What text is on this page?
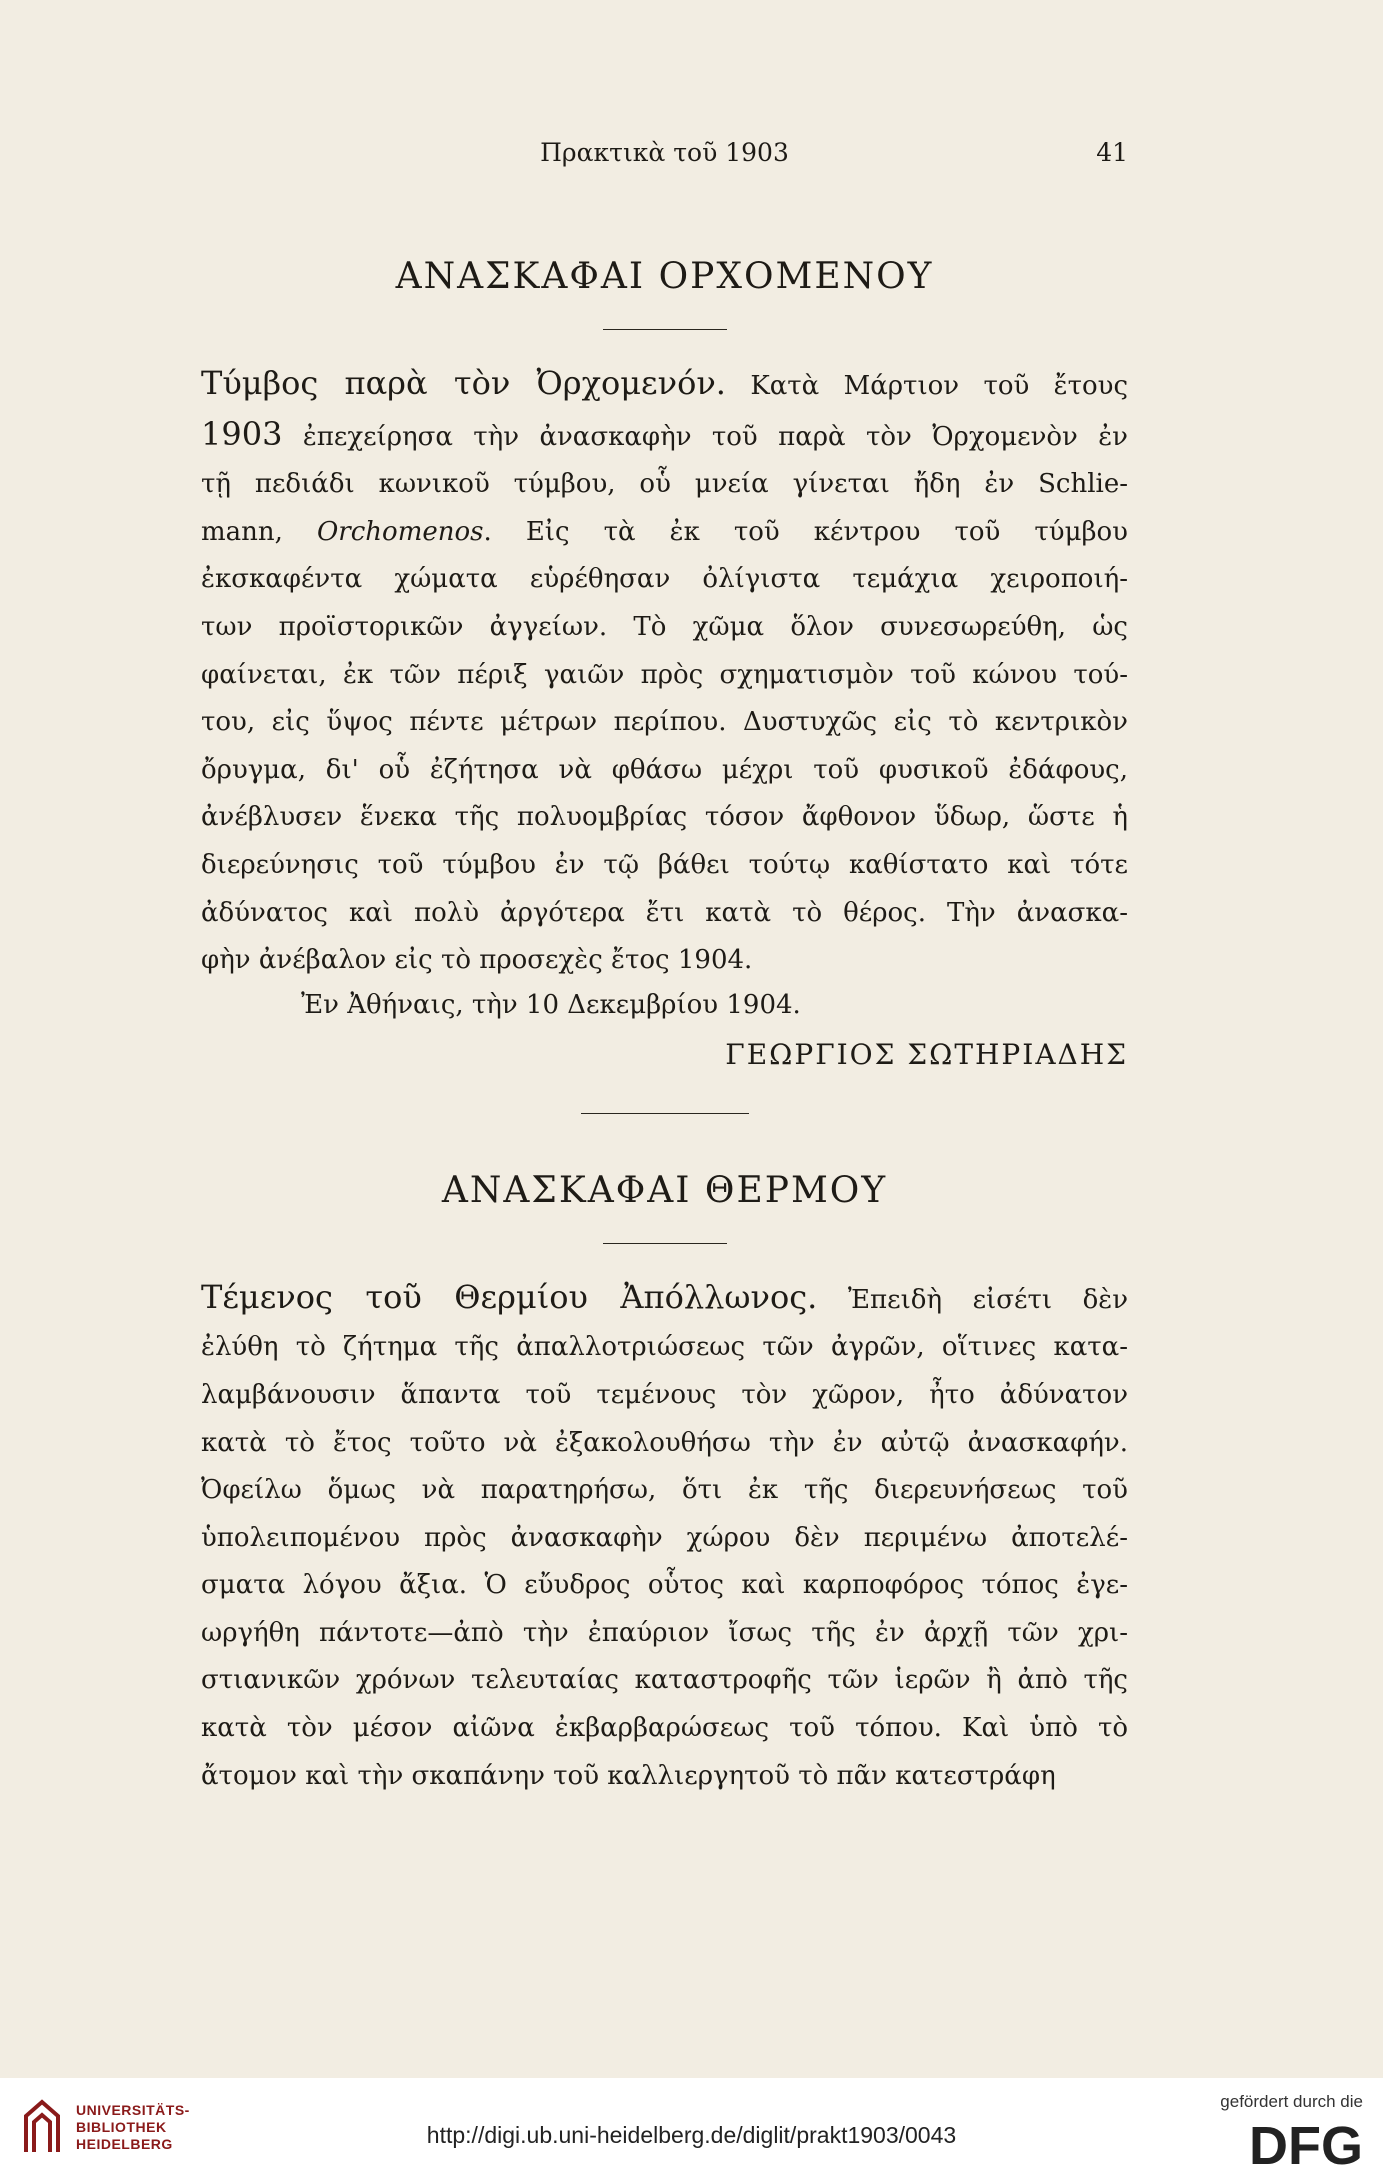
Πρακτικὰ τοῦ 1903	41
ΑΝΑΣΚΑΦΑΙ ΟΡΧΟΜΕΝΟΥ
Τύμβος παρὰ τὸν Ὀρχομενόν. Κατὰ Μάρτιον τοῦ ἔτους
1903 ἐπεχείρησα τὴν ἀνασκαφὴν τοῦ παρὰ τὸν Ὀρχομενὸν ἐν
τῇ πεδιάδι κωνικοῦ τύμβου, οὗ μνεία γίνεται ἤδη ἐν Schlie-
mann, Orchomenos. Εἰς τὰ ἐκ τοῦ κέντρου τοῦ τύμβου
ἐκσκαφέντα χώματα εὑρέθησαν ὀλίγιστα τεμάχια χειροποιή-
των προϊστορικῶν ἀγγείων. Τὸ χῶμα ὅλον συνεσωρεύθη, ὡς
φαίνεται, ἐκ τῶν πέριξ γαιῶν πρὸς σχηματισμὸν τοῦ κώνου τού-
του, εἰς ὕψος πέντε μέτρων περίπου. Δυστυχῶς εἰς τὸ κεντρικὸν
ὄρυγμα, δι' οὗ ἐζήτησα νὰ φθάσω μέχρι τοῦ φυσικοῦ ἐδάφους,
ἀνέβλυσεν ἕνεκα τῆς πολυομβρίας τόσον ἄφθονον ὕδωρ, ὥστε ἡ
διερεύνησις τοῦ τύμβου ἐν τῷ βάθει τούτῳ καθίστατο καὶ τότε
ἀδύνατος καὶ πολὺ ἀργότερα ἔτι κατὰ τὸ θέρος. Τὴν ἀνασκα-
φὴν ἀνέβαλον εἰς τὸ προσεχὲς ἔτος 1904.

Ἐν Ἀθήναις, τὴν 10 Δεκεμβρίου 1904.

ΓΕΩΡΓΙΟΣ ΣΩΤΗΡΙΑΔΗΣ

ΑΝΑΣΚΑΦΑΙ ΘΕΡΜΟΥ
Τέμενος τοῦ Θερμίου Ἀπόλλωνος. Ἐπειδὴ εἰσέτι δὲν
ἐλύθη τὸ ζήτημα τῆς ἀπαλλοτριώσεως τῶν ἀγρῶν, οἵτινες κατα-
λαμβάνουσιν ἅπαντα τοῦ τεμένους τὸν χῶρον, ἦτο ἀδύνατον
κατὰ τὸ ἔτος τοῦτο νὰ ἐξακολουθήσω τὴν ἐν αὐτῷ ἀνασκαφήν.
Ὀφείλω ὅμως νὰ παρατηρήσω, ὅτι ἐκ τῆς διερευνήσεως τοῦ
ὑπολειπομένου πρὸς ἀνασκαφὴν χώρου δὲν περιμένω ἀποτελέ-
σματα λόγου ἄξια. Ὁ εὔυδρος οὗτος καὶ καρποφόρος τόπος ἐγε-
ωργήθη πάντοτε—ἀπὸ τὴν ἐπαύριον ἴσως τῆς ἐν ἀρχῇ τῶν χρι-
στιανικῶν χρόνων τελευταίας καταστροφῆς τῶν ἱερῶν ἢ ἀπὸ τῆς
κατὰ τὸν μέσον αἰῶνα ἐκβαρβαρώσεως τοῦ τόπου. Καὶ ὑπὸ τὸ
ἄτομον καὶ τὴν σκαπάνην τοῦ καλλιεργητοῦ τὸ πᾶν κατεστράφη
UNIVERSITÄTS-
BIBLIOTHEK
HEIDELBERG	http://digi.ub.uni-heidelberg.de/diglit/prakt1903/0043
gefördert durch die
DFG
